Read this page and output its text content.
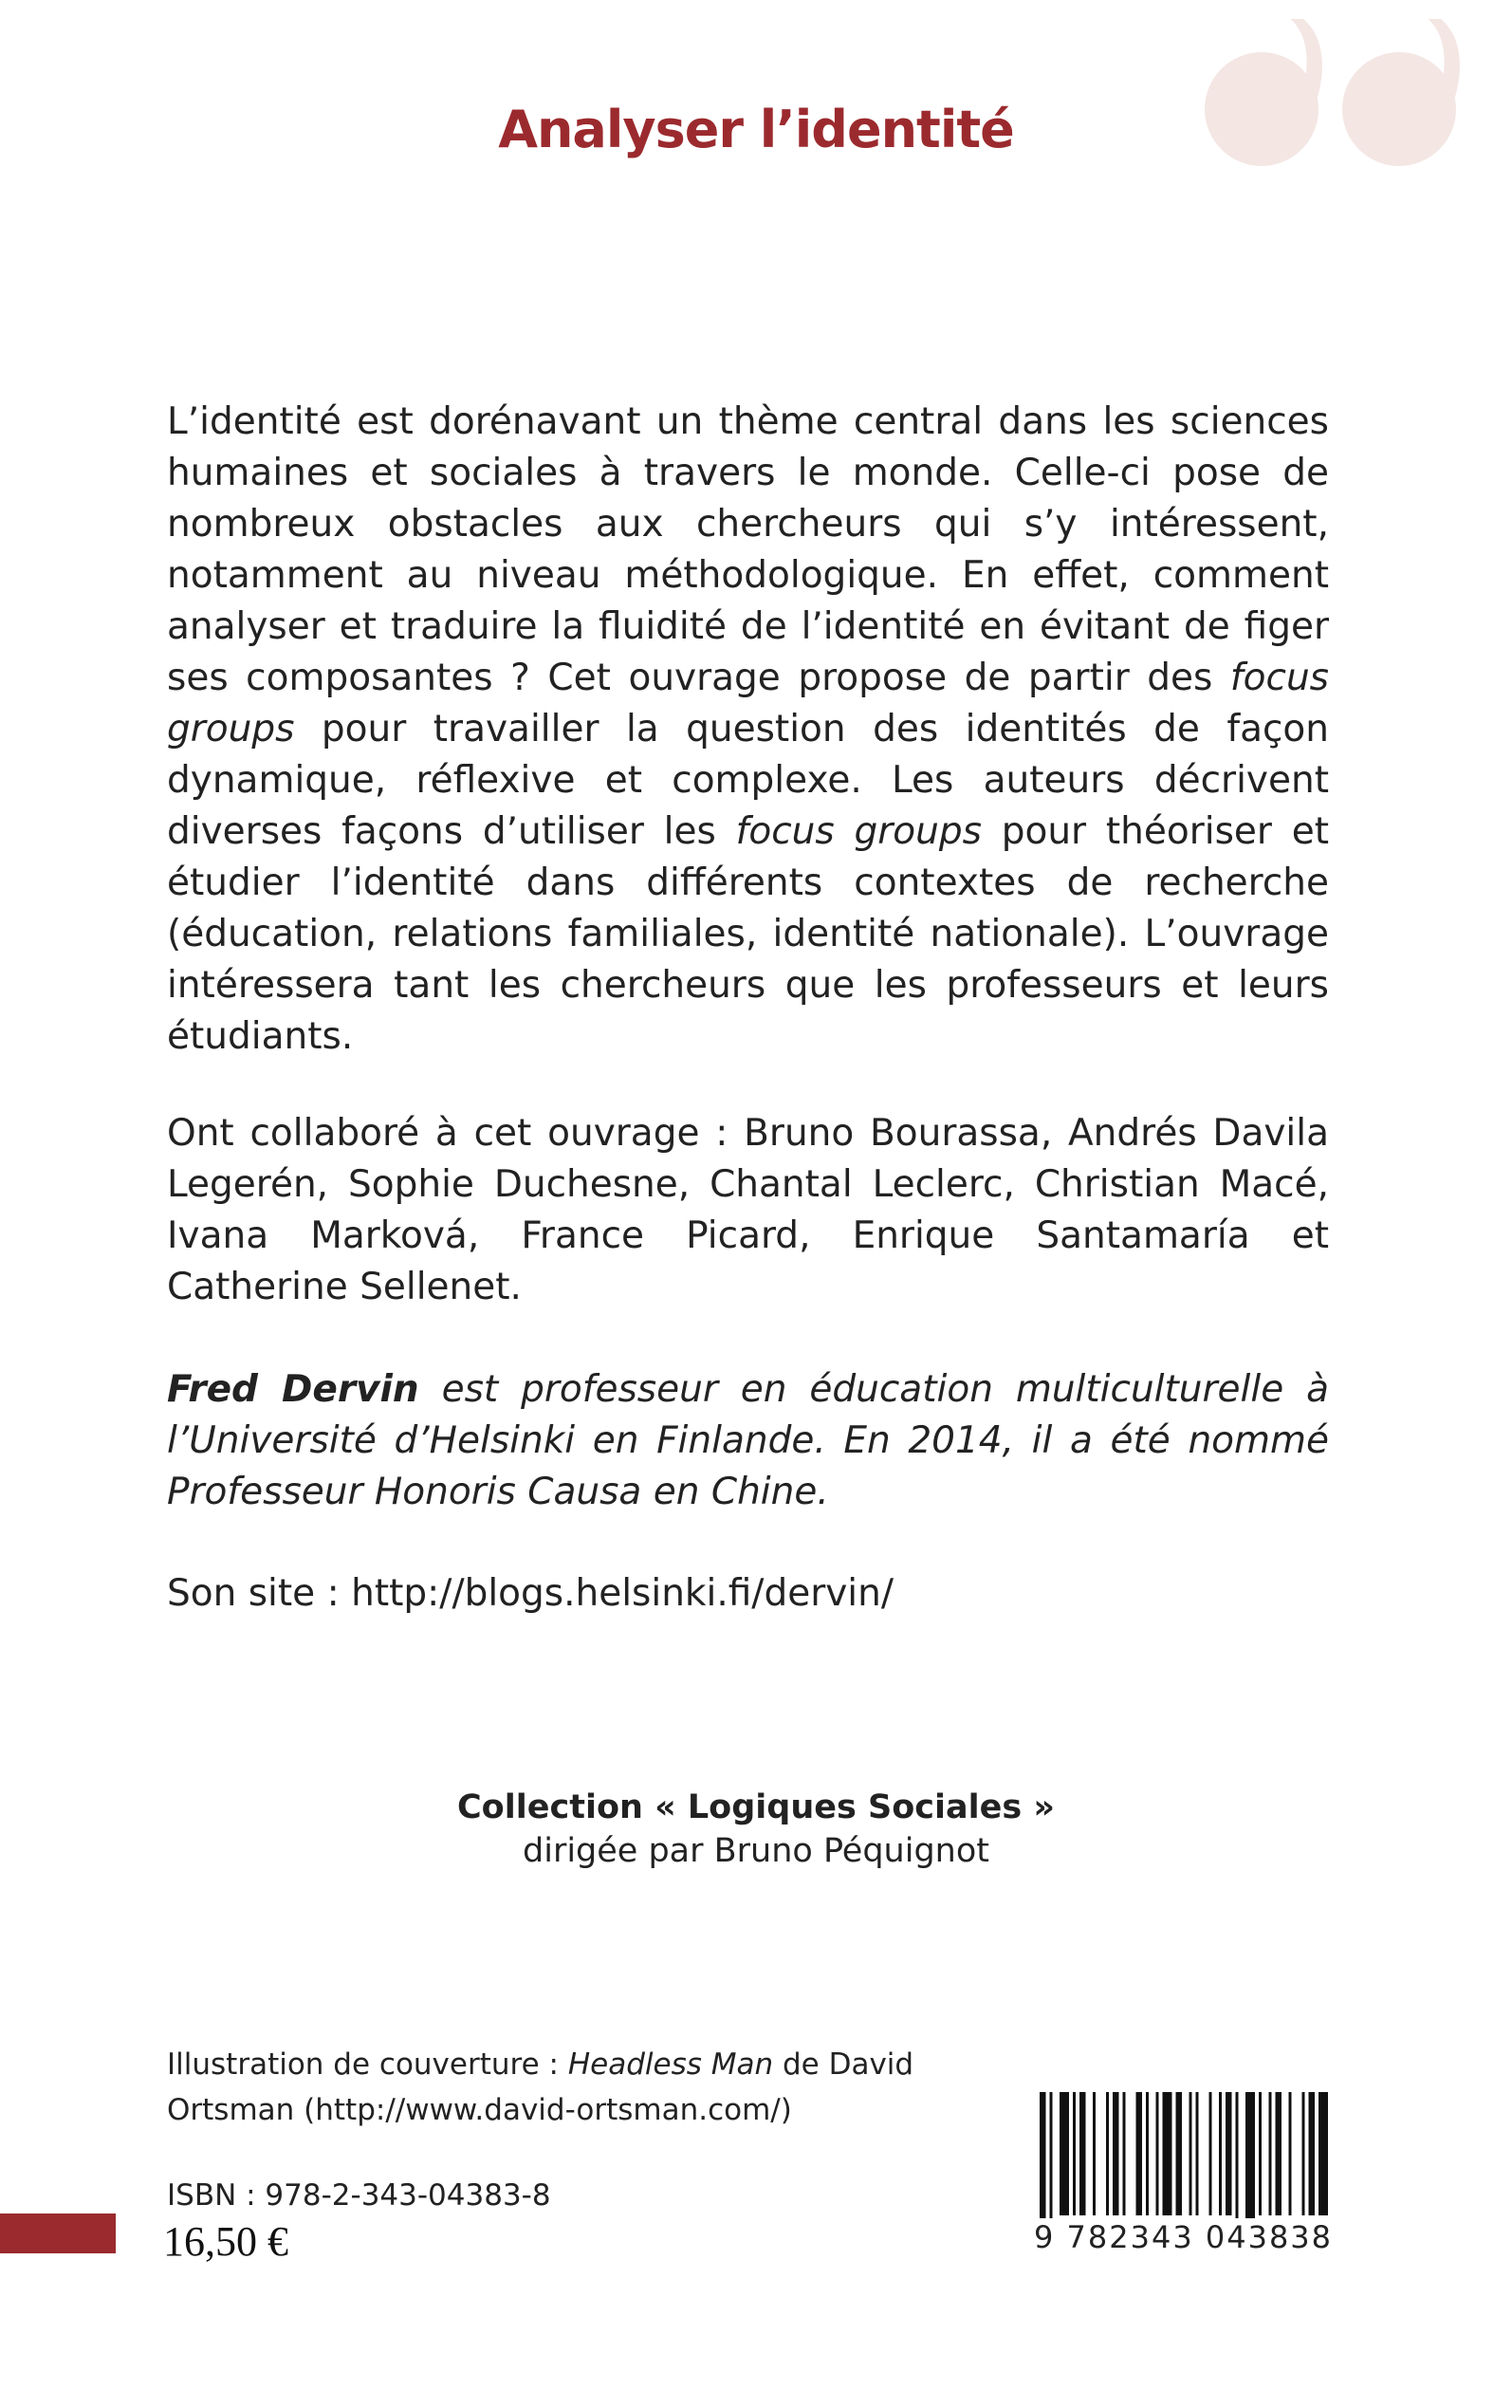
Analyser l’identité

L’identité est dorénavant un thème central dans les sciences humaines et sociales à travers le monde. Celle-ci pose de nombreux obstacles aux chercheurs qui s’y intéressent, notamment au niveau méthodologique. En effet, comment analyser et traduire la fluidité de l’identité en évitant de figer ses composantes ? Cet ouvrage propose de partir des focus groups pour travailler la question des identités de façon dynamique, réflexive et complexe. Les auteurs décrivent diverses façons d’utiliser les focus groups pour théoriser et étudier l’identité dans différents contextes de recherche (éducation, relations familiales, identité nationale). L’ouvrage intéressera tant les chercheurs que les professeurs et leurs étudiants.

Ont collaboré à cet ouvrage : Bruno Bourassa, Andrés Davila Legerén, Sophie Duchesne, Chantal Leclerc, Christian Macé, Ivana Marková, France Picard, Enrique Santamaría et Catherine Sellenet.

Fred Dervin est professeur en éducation multiculturelle à l’Université d’Helsinki en Finlande. En 2014, il a été nommé Professeur Honoris Causa en Chine.

Son site : http://blogs.helsinki.fi/dervin/

Collection « Logiques Sociales »
dirigée par Bruno Péquignot
Illustration de couverture : Headless Man de David Ortsman (http://www.david-ortsman.com/)
ISBN : 978-2-343-04383-8
16,50 €	9 782343 043838
